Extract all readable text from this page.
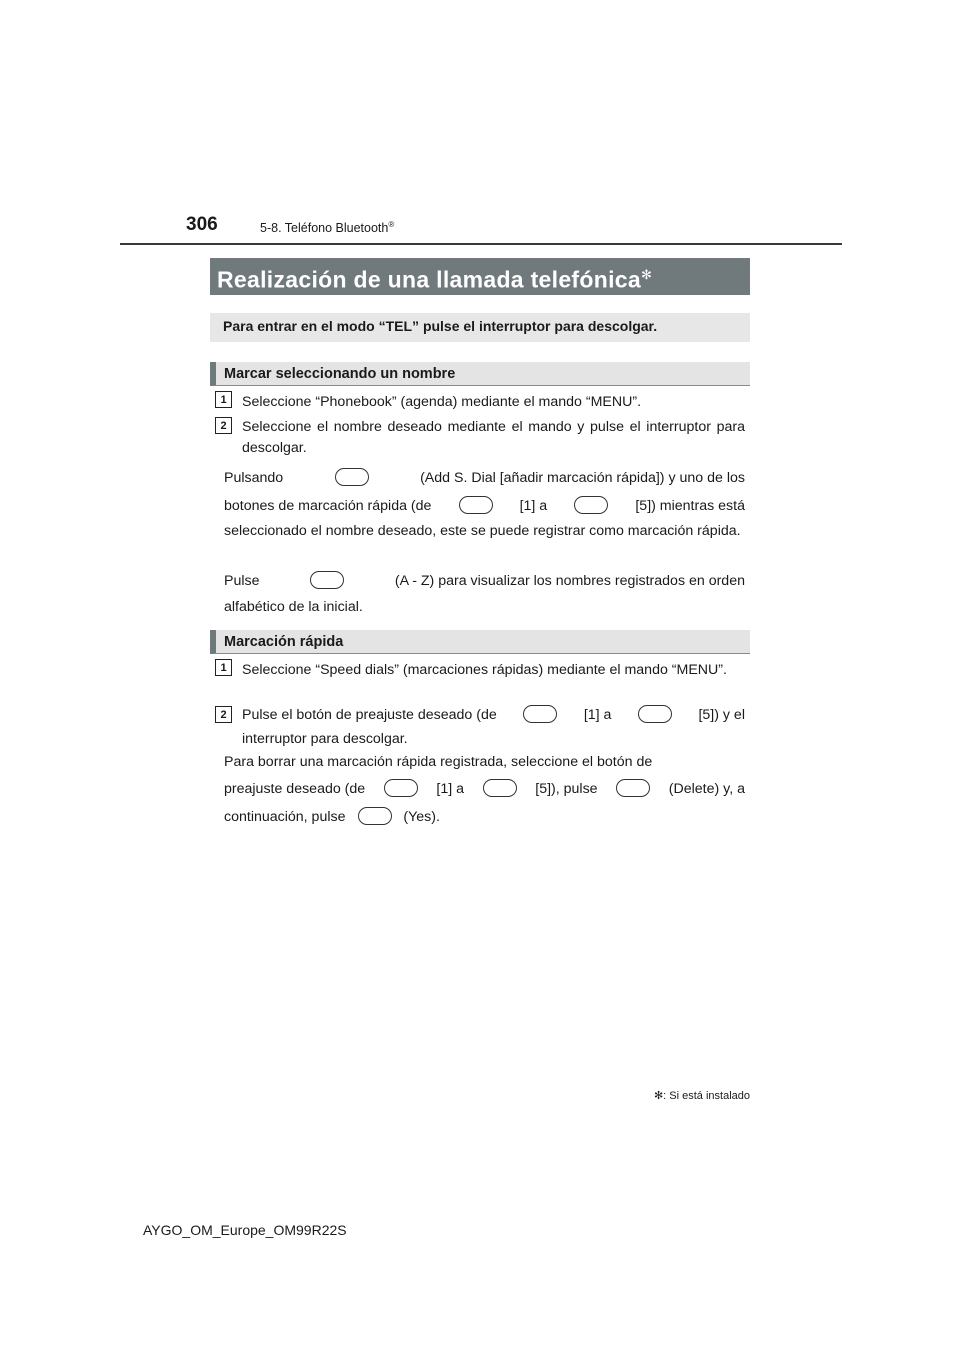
306	5-8. Teléfono Bluetooth®
Realización de una llamada telefónica✻
Para entrar en el modo “TEL” pulse el interruptor para descolgar.
Marcar seleccionando un nombre
1	Seleccione “Phonebook” (agenda) mediante el mando “MENU”.
2	Seleccione el nombre deseado mediante el mando y pulse el interruptor para descolgar.
Pulsando	(Add S. Dial [añadir marcación rápida]) y uno de los
botones de marcación rápida (de	[1] a	[5]) mientras está
seleccionado el nombre deseado, este se puede registrar como marcación rápida.
Pulse	(A - Z) para visualizar los nombres registrados en orden
alfabético de la inicial.
Marcación rápida
1	Seleccione “Speed dials” (marcaciones rápidas) mediante el mando “MENU”.
2	Pulse el botón de preajuste deseado (de	[1] a	[5]) y el
interruptor para descolgar.
Para borrar una marcación rápida registrada, seleccione el botón de
preajuste deseado (de	[1] a	[5]), pulse	(Delete) y, a
continuación, pulse	(Yes).
✻: Si está instalado
AYGO_OM_Europe_OM99R22S
